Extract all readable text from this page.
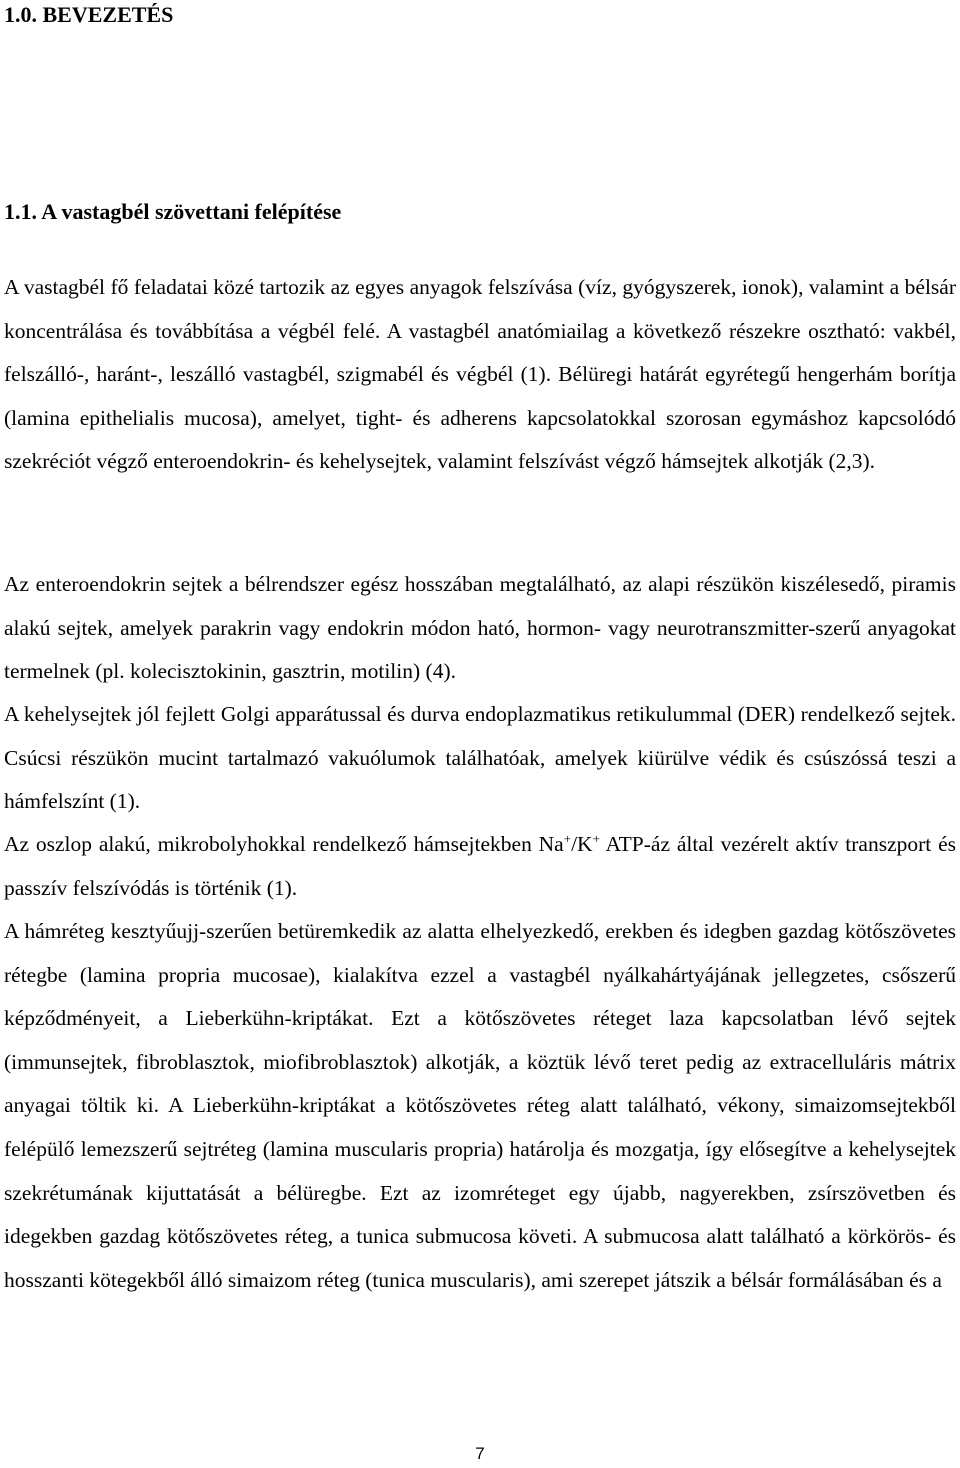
1.0. BEVEZETÉS
1.1. A vastagbél szövettani felépítése

A vastagbél fő feladatai közé tartozik az egyes anyagok felszívása (víz, gyógyszerek, ionok), valamint a bélsár koncentrálása és továbbítása a végbél felé. A vastagbél anatómiailag a következő részekre osztható: vakbél, felszálló-, haránt-, leszálló vastagbél, szigmabél és végbél (1). Bélüregi határát egyrétegű hengerhám borítja (lamina epithelialis mucosa), amelyet, tight- és adherens kapcsolatokkal szorosan egymáshoz kapcsolódó szekréciót végző enteroendokrin- és kehelysejtek, valamint felszívást végző hámsejtek alkotják (2,3).

Az enteroendokrin sejtek a bélrendszer egész hosszában megtalálható, az alapi részükön kiszélesedő, piramis alakú sejtek, amelyek parakrin vagy endokrin módon ható, hormon- vagy neurotranszmitter-szerű anyagokat termelnek (pl. kolecisztokinin, gasztrin, motilin) (4).

A kehelysejtek jól fejlett Golgi apparátussal és durva endoplazmatikus retikulummal (DER) rendelkező sejtek. Csúcsi részükön mucint tartalmazó vakuólumok találhatóak, amelyek kiürülve védik és csúszóssá teszi a hámfelszínt (1).

Az oszlop alakú, mikrobolyhokkal rendelkező hámsejtekben Na+/K+ ATP-áz által vezérelt aktív transzport és passzív felszívódás is történik (1).

A hámréteg kesztyűujj-szerűen betüremkedik az alatta elhelyezkedő, erekben és idegben gazdag kötőszövetes rétegbe (lamina propria mucosae), kialakítva ezzel a vastagbél nyálkahártyájának jellegzetes, csőszerű képződményeit, a Lieberkühn-kriptákat. Ezt a kötőszövetes réteget laza kapcsolatban lévő sejtek (immunsejtek, fibroblasztok, miofibroblasztok) alkotják, a köztük lévő teret pedig az extracelluláris mátrix anyagai töltik ki. A Lieberkühn-kriptákat a kötőszövetes réteg alatt található, vékony, simaizomsejtekből felépülő lemezszerű sejtréteg (lamina muscularis propria) határolja és mozgatja, így elősegítve a kehelysejtek szekrétumának kijuttatását a bélüregbe. Ezt az izomréteget egy újabb, nagyerekben, zsírszövetben és idegekben gazdag kötőszövetes réteg, a tunica submucosa követi. A submucosa alatt található a körkörös- és hosszanti kötegekből álló simaizom réteg (tunica muscularis), ami szerepet játszik a bélsár formálásában és a

7
